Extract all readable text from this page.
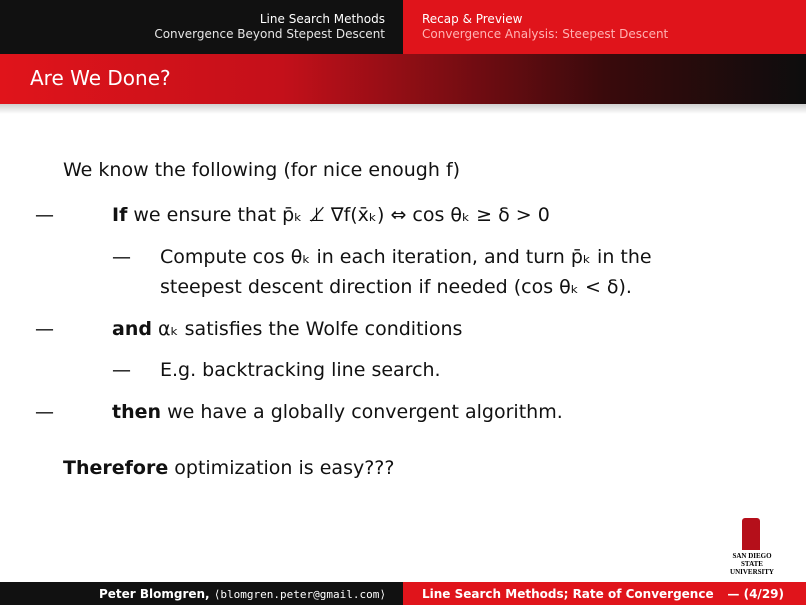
Line Search Methods
Convergence Beyond Stepest Descent
Recap & Preview
Convergence Analysis: Steepest Descent
Are We Done?
We know the following (for nice enough f)
—	If we ensure that p̄ₖ ⊥̸ ∇f(x̄ₖ) ⇔ cos θₖ ≥ δ > 0
— Compute cos θₖ in each iteration, and turn p̄ₖ in the
steepest descent direction if needed (cos θₖ < δ).
—	and αₖ satisfies the Wolfe conditions
— E.g. backtracking line search.
—	then we have a globally convergent algorithm.
Therefore optimization is easy???
SAN DIEGO STATE
UNIVERSITY
Peter Blomgren, ⟨blomgren.peter@gmail.com⟩	Line Search Methods; Rate of Convergence — (4/29)
